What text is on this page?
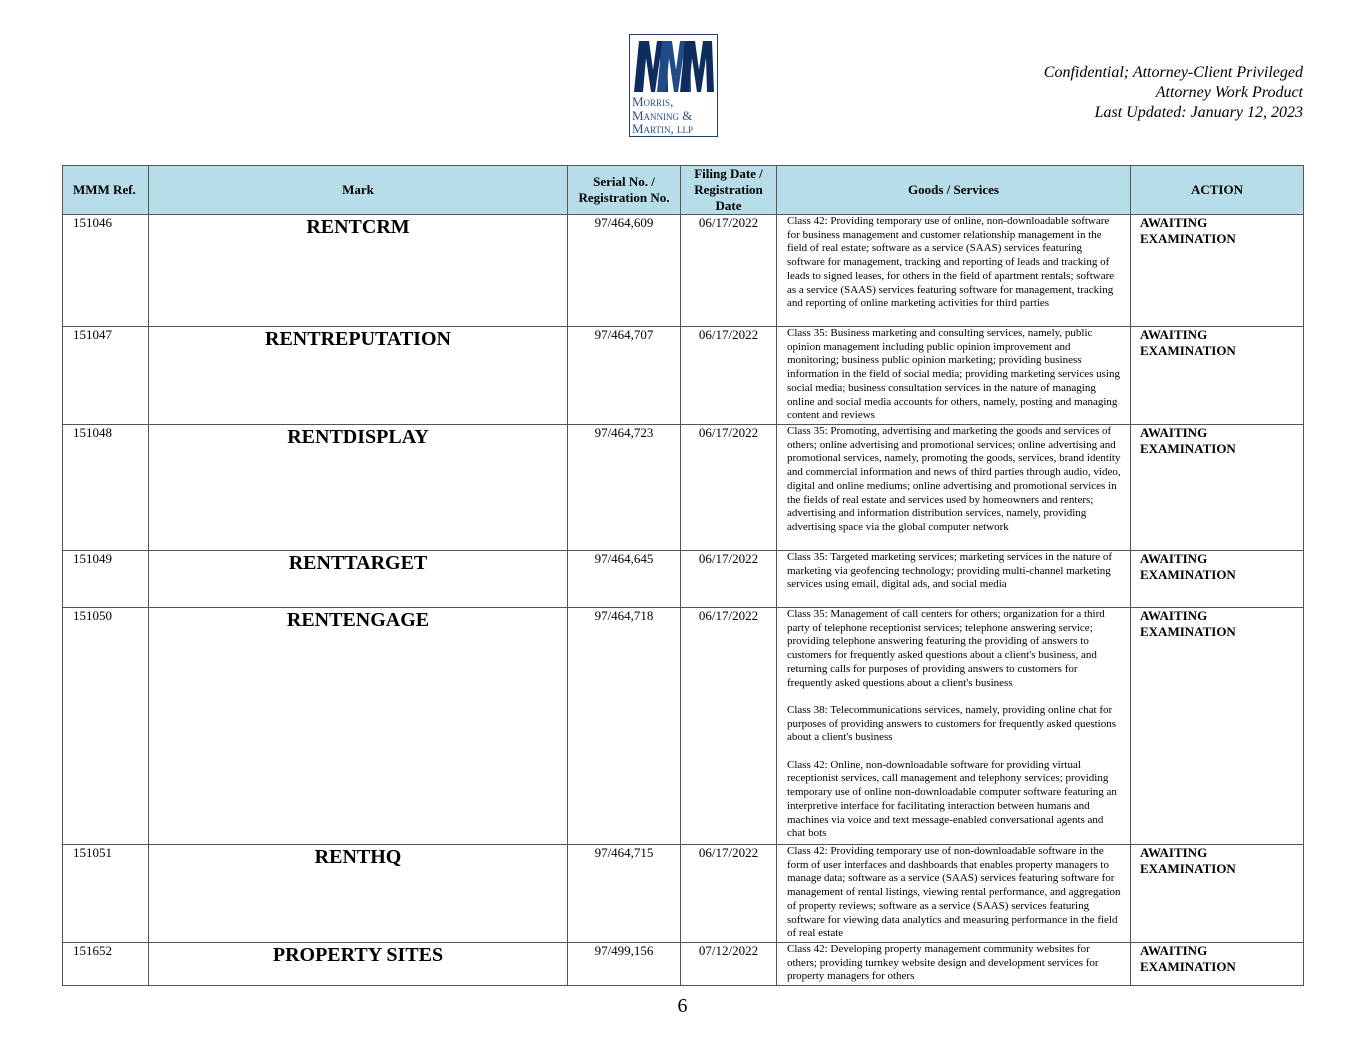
Morris,
Manning &
Martin, llp
Confidential; Attorney-Client Privileged
Attorney Work Product
Last Updated: January 12, 2023
MMM Ref.	Mark	Serial No. / Registration No.	Filing Date / Registration Date	Goods / Services	ACTION
151046	RENTCRM	97/464,609	06/17/2022	Class 42: Providing temporary use of online, non-downloadable software for business management and customer relationship management in the field of real estate; software as a service (SAAS) services featuring software for management, tracking and reporting of leads and tracking of leads to signed leases, for others in the field of apartment rentals; software as a service (SAAS) services featuring software for management, tracking and reporting of online marketing activities for third parties	AWAITING EXAMINATION
151047	RENTREPUTATION	97/464,707	06/17/2022	Class 35: Business marketing and consulting services, namely, public opinion management including public opinion improvement and monitoring; business public opinion marketing; providing business information in the field of social media; providing marketing services using social media; business consultation services in the nature of managing online and social media accounts for others, namely, posting and managing content and reviews	AWAITING EXAMINATION
151048	RENTDISPLAY	97/464,723	06/17/2022	Class 35: Promoting, advertising and marketing the goods and services of others; online advertising and promotional services; online advertising and promotional services, namely, promoting the goods, services, brand identity and commercial information and news of third parties through audio, video, digital and online mediums; online advertising and promotional services in the fields of real estate and services used by homeowners and renters; advertising and information distribution services, namely, providing advertising space via the global computer network	AWAITING EXAMINATION
151049	RENTTARGET	97/464,645	06/17/2022	Class 35: Targeted marketing services; marketing services in the nature of marketing via geofencing technology; providing multi-channel marketing services using email, digital ads, and social media	AWAITING EXAMINATION
151050	RENTENGAGE	97/464,718	06/17/2022	Class 35: Management of call centers for others; organization for a third party of telephone receptionist services; telephone answering service; providing telephone answering featuring the providing of answers to customers for frequently asked questions about a client's business, and returning calls for purposes of providing answers to customers for frequently asked questions about a client's business

Class 38: Telecommunications services, namely, providing online chat for purposes of providing answers to customers for frequently asked questions about a client's business

Class 42: Online, non-downloadable software for providing virtual receptionist services, call management and telephony services; providing temporary use of online non-downloadable computer software featuring an interpretive interface for facilitating interaction between humans and machines via voice and text message-enabled conversational agents and chat bots	AWAITING EXAMINATION
151051	RENTHQ	97/464,715	06/17/2022	Class 42: Providing temporary use of non-downloadable software in the form of user interfaces and dashboards that enables property managers to manage data; software as a service (SAAS) services featuring software for management of rental listings, viewing rental performance, and aggregation of property reviews; software as a service (SAAS) services featuring software for viewing data analytics and measuring performance in the field of real estate	AWAITING EXAMINATION
151652	PROPERTY SITES	97/499,156	07/12/2022	Class 42: Developing property management community websites for others; providing turnkey website design and development services for property managers for others	AWAITING EXAMINATION
6
